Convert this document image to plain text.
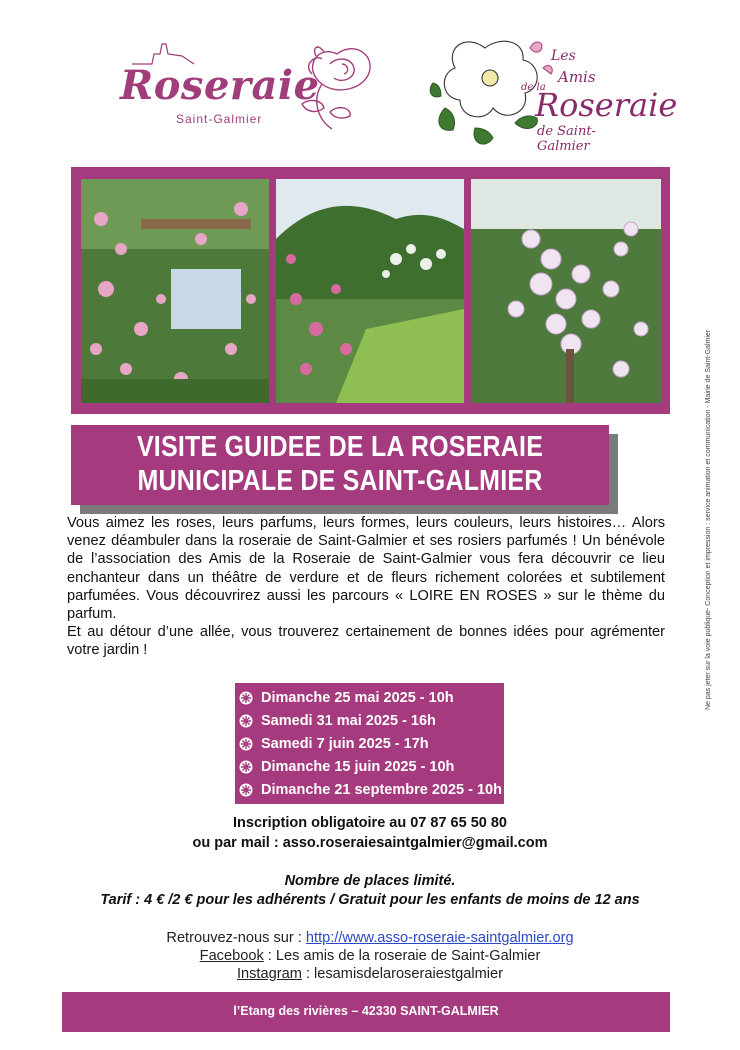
Roseraie
Saint-Galmier
Les
Amis
de la
Roseraie
de Saint-Galmier
VISITE GUIDEE DE LA ROSERAIE
MUNICIPALE DE SAINT-GALMIER

Vous aimez les roses, leurs parfums, leurs formes, leurs couleurs, leurs histoires… Alors venez déambuler dans la roseraie de Saint-Galmier et ses rosiers parfumés ! Un bénévole de l’association des Amis de la Roseraie de Saint-Galmier vous fera découvrir ce lieu enchanteur dans un théâtre de verdure et de fleurs richement colorées et subtilement parfumées. Vous découvrirez aussi les parcours « LOIRE EN ROSES » sur le thème du parfum.

Et au détour d’une allée, vous trouverez certainement de bonnes idées pour agrémenter votre jardin !

Dimanche 25 mai 2025 - 10h
Samedi 31 mai 2025 - 16h
Samedi 7 juin 2025 - 17h
Dimanche 15 juin 2025 - 10h
Dimanche 21 septembre 2025 - 10h
Inscription obligatoire au 07 87 65 50 80
ou par mail : asso.roseraiesaintgalmier@gmail.com
Nombre de places limité.
Tarif : 4 € /2 € pour les adhérents / Gratuit pour les enfants de moins de 12 ans
Retrouvez-nous sur : http://www.asso-roseraie-saintgalmier.org
Facebook : Les amis de la roseraie de Saint-Galmier
Instagram : lesamisdelaroseraiestgalmier
l’Etang des rivières – 42330 SAINT-GALMIER
Ne pas jeter sur la voie publique- Conception et impression : service animation et communication - Mairie de Saint-Galmier
